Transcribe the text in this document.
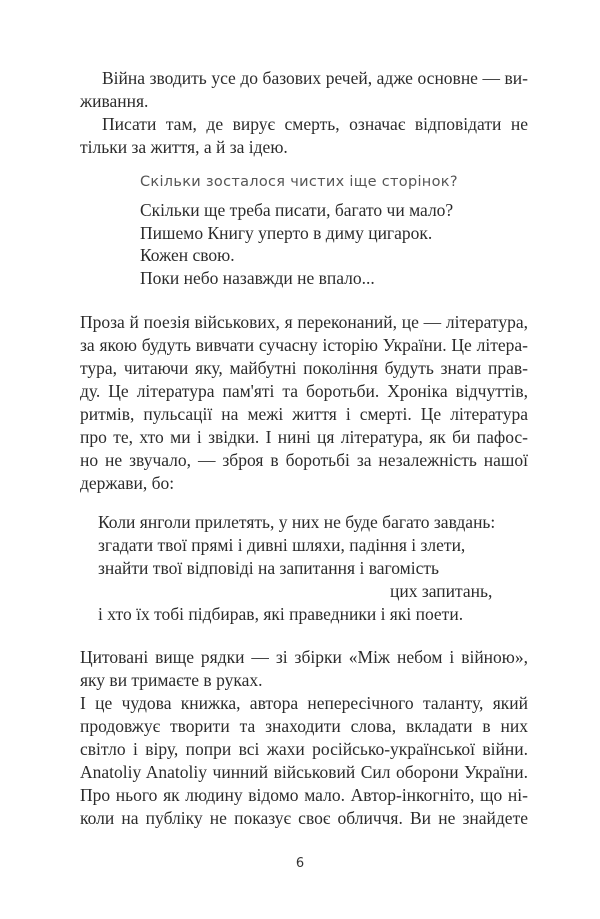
6
Війна зводить усе до базових речей, адже основне — ви-
живання.
Писати там, де вирує смерть, означає відповідати не
тільки за життя, а й за ідею.
Скільки зосталося чистих іще сторінок?
Скільки ще треба писати, багато чи мало?
Пишемо Книгу уперто в диму цигарок.
Кожен свою.
Поки небо назавжди не впало...
Проза й поезія військових, я переконаний, це — література,
за якою будуть вивчати сучасну історію України. Це літера-
тура, читаючи яку, майбутні покоління будуть знати прав-
ду. Це література пам'яті та боротьби. Хроніка відчуттів,
ритмів, пульсації на межі життя і смерті. Це література
про те, хто ми і звідки. І нині ця література, як би пафос-
но не звучало, — зброя в боротьбі за незалежність нашої
держави, бо:
Коли янголи прилетять, у них не буде багато завдань:
згадати твої прямі і дивні шляхи, падіння і злети,
знайти твої відповіді на запитання і вагомість
цих запитань,
і хто їх тобі підбирав, які праведники і які поети.
Цитовані вище рядки — зі збірки «Між небом і війною»,
яку ви тримаєте в руках.
І це чудова книжка, автора непересічного таланту, який
продовжує творити та знаходити слова, вкладати в них
світло і віру, попри всі жахи російсько-української війни.
Anatoliy Anatoliy чинний військовий Сил оборони України.
Про нього як людину відомо мало. Автор-інкогніто, що ні-
коли на публіку не показує своє обличчя. Ви не знайдете
